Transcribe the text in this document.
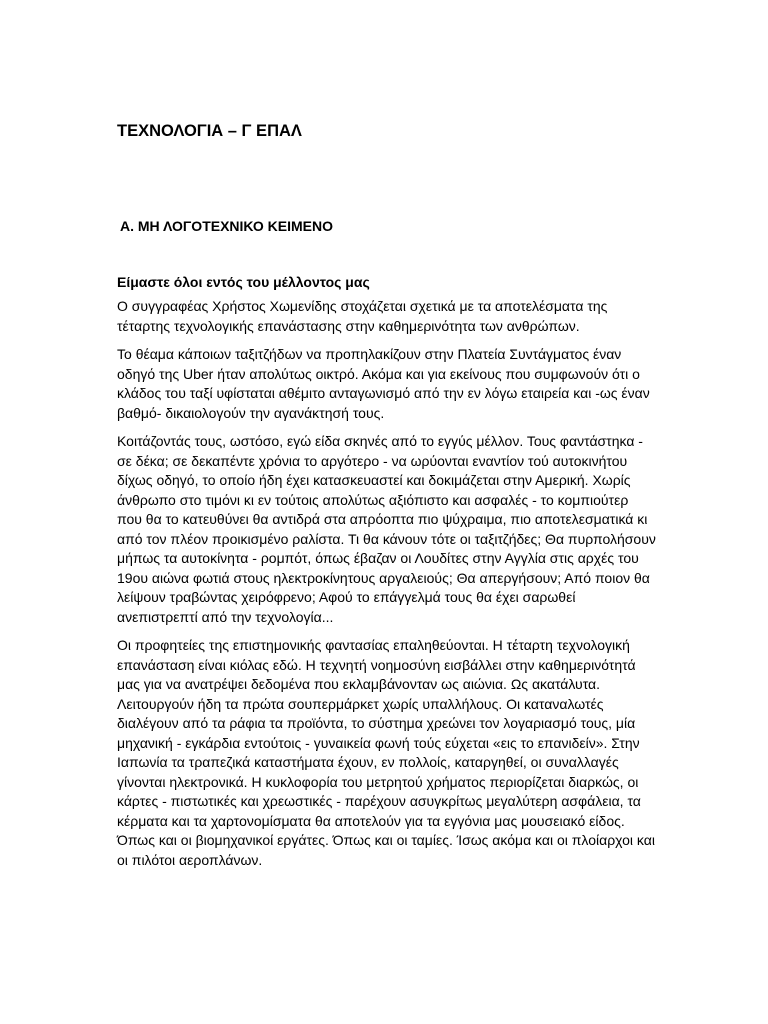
ΤΕΧΝΟΛΟΓΙΑ – Γ ΕΠΑΛ
Α. ΜΗ ΛΟΓΟΤΕΧΝΙΚΟ ΚΕΙΜΕΝΟ
Είμαστε όλοι εντός του μέλλοντος μας

Ο συγγραφέας Χρήστος Χωμενίδης στοχάζεται σχετικά με τα αποτελέσματα της τέταρτης τεχνολογικής επανάστασης στην καθημερινότητα των ανθρώπων.

Το θέαμα κάποιων ταξιτζήδων να προπηλακίζουν στην Πλατεία Συντάγματος έναν οδηγό της Uber ήταν απολύτως οικτρό. Ακόμα και για εκείνους που συμφωνούν ότι ο κλάδος του ταξί υφίσταται αθέμιτο ανταγωνισμό από την εν λόγω εταιρεία και -ως έναν βαθμό- δικαιολογούν την αγανάκτησή τους.

Κοιτάζοντάς τους, ωστόσο, εγώ είδα σκηνές από το εγγύς μέλλον. Τους φαντάστηκα - σε δέκα; σε δεκαπέντε χρόνια το αργότερο - να ωρύονται εναντίον τού αυτοκινήτου δίχως οδηγό, το οποίο ήδη έχει κατασκευαστεί και δοκιμάζεται στην Αμερική. Χωρίς άνθρωπο στο τιμόνι κι εν τούτοις απολύτως αξιόπιστο και ασφαλές - το κομπιούτερ που θα το κατευθύνει θα αντιδρά στα απρόοπτα πιο ψύχραιμα, πιο αποτελεσματικά κι από τον πλέον προικισμένο ραλίστα. Τι θα κάνουν τότε οι ταξιτζήδες; Θα πυρπολήσουν μήπως τα αυτοκίνητα - ρομπότ, όπως έβαζαν οι Λουδίτες στην Αγγλία στις αρχές του 19ου αιώνα φωτιά στους ηλεκτροκίνητους αργαλειούς; Θα απεργήσουν; Από ποιον θα λείψουν τραβώντας χειρόφρενο; Αφού το επάγγελμά τους θα έχει σαρωθεί ανεπιστρεπτί από την τεχνολογία...

Οι προφητείες της επιστημονικής φαντασίας επαληθεύονται. Η τέταρτη τεχνολογική επανάσταση είναι κιόλας εδώ. Η τεχνητή νοημοσύνη εισβάλλει στην καθημερινότητά μας για να ανατρέψει δεδομένα που εκλαμβάνονταν ως αιώνια. Ως ακατάλυτα. Λειτουργούν ήδη τα πρώτα σουπερμάρκετ χωρίς υπαλλήλους. Οι καταναλωτές διαλέγουν από τα ράφια τα προϊόντα, το σύστημα χρεώνει τον λογαριασμό τους, μία μηχανική - εγκάρδια εντούτοις - γυναικεία φωνή τούς εύχεται «εις το επανιδείν». Στην Ιαπωνία τα τραπεζικά καταστήματα έχουν, εν πολλοίς, καταργηθεί, οι συναλλαγές γίνονται ηλεκτρονικά. Η κυκλοφορία του μετρητού χρήματος περιορίζεται διαρκώς, οι κάρτες - πιστωτικές και χρεωστικές - παρέχουν ασυγκρίτως μεγαλύτερη ασφάλεια, τα κέρματα και τα χαρτονομίσματα θα αποτελούν για τα εγγόνια μας μουσειακό είδος. Όπως και οι βιομηχανικοί εργάτες. Όπως και οι ταμίες. Ίσως ακόμα και οι πλοίαρχοι και οι πιλότοι αεροπλάνων.
